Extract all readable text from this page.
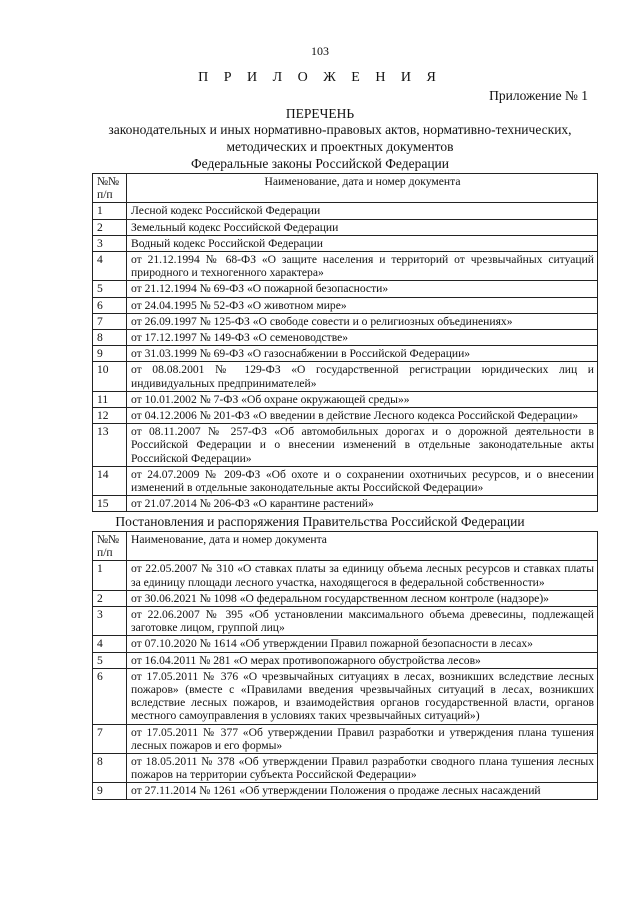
103
П Р И Л О Ж Е Н И Я
Приложение № 1
ПЕРЕЧЕНЬ
законодательных и иных нормативно-правовых актов, нормативно-технических, методических и проектных документов
Федеральные законы Российской Федерации
№№ п/п	Наименование, дата и номер документа
1	Лесной кодекс Российской Федерации
2	Земельный кодекс Российской Федерации
3	Водный кодекс Российской Федерации
4	от 21.12.1994 № 68-ФЗ «О защите населения и территорий от чрезвычайных ситуаций природного и техногенного характера»
5	от 21.12.1994 № 69-ФЗ «О пожарной безопасности»
6	от 24.04.1995 № 52-ФЗ «О животном мире»
7	от 26.09.1997 № 125-ФЗ «О свободе совести и о религиозных объединениях»
8	от 17.12.1997 № 149-ФЗ «О семеноводстве»
9	от 31.03.1999 № 69-ФЗ «О газоснабжении в Российской Федерации»
10	от 08.08.2001 № 129-ФЗ «О государственной регистрации юридических лиц и индивидуальных предпринимателей»
11	от 10.01.2002 № 7-ФЗ «Об охране окружающей среды»»
12	от 04.12.2006 № 201-ФЗ «О введении в действие Лесного кодекса Российской Федерации»
13	от 08.11.2007 № 257-ФЗ «Об автомобильных дорогах и о дорожной деятельности в Российской Федерации и о внесении изменений в отдельные законодательные акты Российской Федерации»
14	от 24.07.2009 № 209-ФЗ «Об охоте и о сохранении охотничьих ресурсов, и о внесении изменений в отдельные законодательные акты Российской Федерации»
15	от 21.07.2014 № 206-ФЗ «О карантине растений»
Постановления и распоряжения Правительства Российской Федерации
№№ п/п	Наименование, дата и номер документа
1	от 22.05.2007 № 310 «О ставках платы за единицу объема лесных ресурсов и ставках платы за единицу площади лесного участка, находящегося в федеральной собственности»
2	от 30.06.2021 № 1098 «О федеральном государственном лесном контроле (надзоре)»
3	от 22.06.2007 № 395 «Об установлении максимального объема древесины, подлежащей заготовке лицом, группой лиц»
4	от 07.10.2020 № 1614 «Об утверждении Правил пожарной безопасности в лесах»
5	от 16.04.2011 № 281 «О мерах противопожарного обустройства лесов»
6	от 17.05.2011 № 376 «О чрезвычайных ситуациях в лесах, возникших вследствие лесных пожаров» (вместе с «Правилами введения чрезвычайных ситуаций в лесах, возникших вследствие лесных пожаров, и взаимодействия органов государственной власти, органов местного самоуправления в условиях таких чрезвычайных ситуаций»)
7	от 17.05.2011 № 377 «Об утверждении Правил разработки и утверждения плана тушения лесных пожаров и его формы»
8	от 18.05.2011 № 378 «Об утверждении Правил разработки сводного плана тушения лесных пожаров на территории субъекта Российской Федерации»
9	от 27.11.2014 № 1261 «Об утверждении Положения о продаже лесных насаждений
